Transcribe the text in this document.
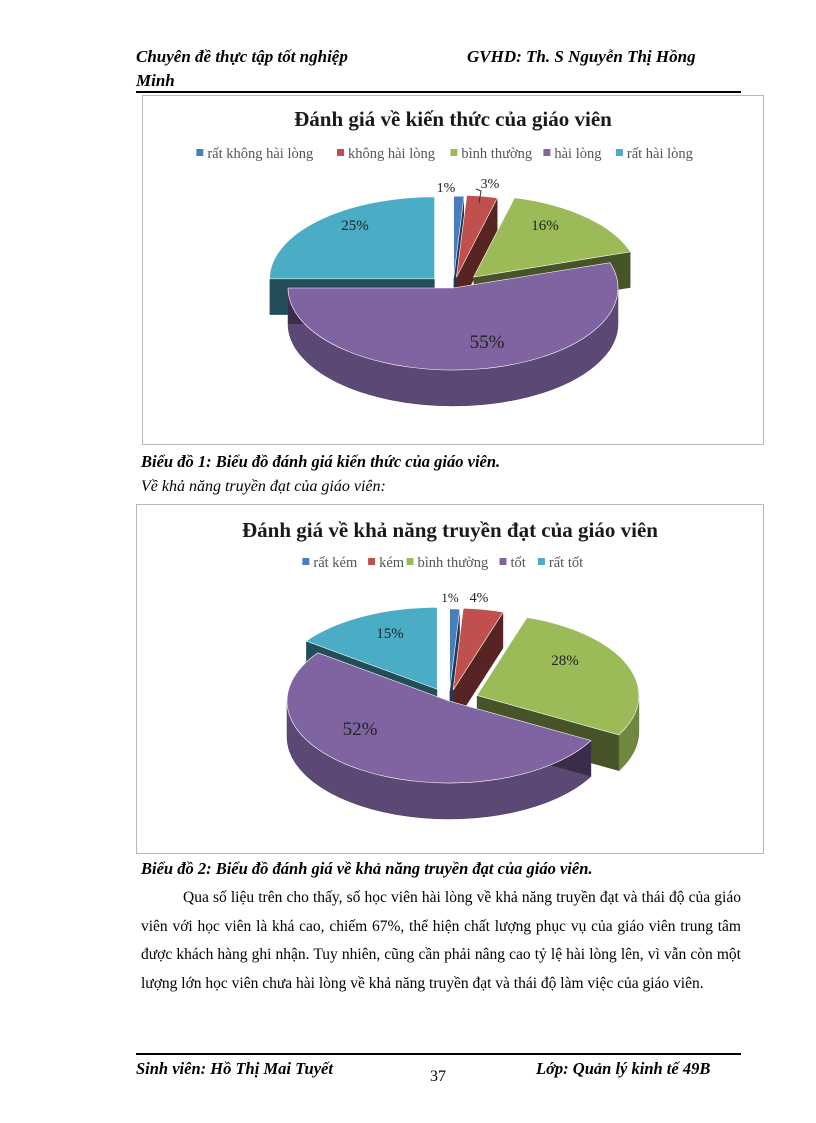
Chuyên đề thực tập tốt nghiệp
Minh
GVHD: Th. S Nguyễn Thị Hồng
Đánh giá về kiến thức của giáo viên
rất không hài lòng không hài lòng bình thường hài lòng rất hài lòng
1% 3%
16%
55%
25%
Biểu đồ 1: Biểu đồ đánh giá kiến thức của giáo viên.
Về khả năng truyền đạt của giáo viên:
Đánh giá về khả năng truyền đạt của giáo viên
rất kém kém bình thường tốt rất tốt
1% 4%
28%
52%
15%
Biểu đồ 2: Biểu đồ đánh giá về khả năng truyền đạt của giáo viên.
Qua số liệu trên cho thấy, số học viên hài lòng về khả năng truyền đạt và thái độ của giáo viên với học viên là khá cao, chiếm 67%, thể hiện chất lượng phục vụ của giáo viên trung tâm được khách hàng ghi nhận. Tuy nhiên, cũng cần phải nâng cao tỷ lệ hài lòng lên, vì vẫn còn một lượng lớn học viên chưa hài lòng về khả năng truyền đạt và thái độ làm việc của giáo viên.
Sinh viên: Hồ Thị Mai Tuyết	37	Lớp: Quản lý kinh tế 49B
